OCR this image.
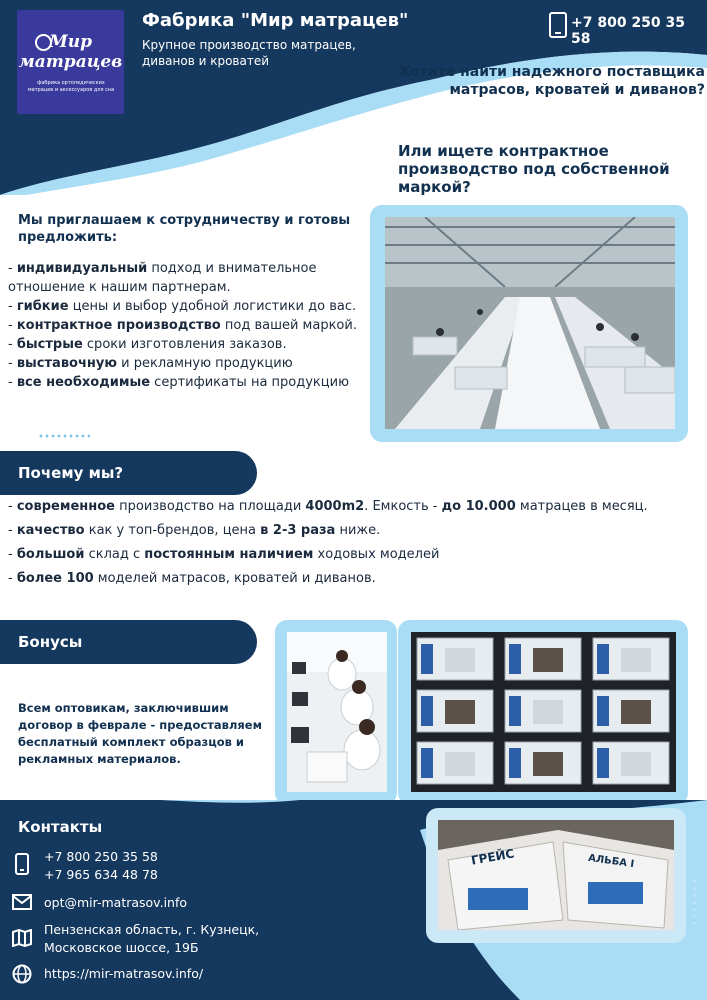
Мир
матрацев
фабрика ортопедических матрацев и аксессуаров для сна
Фабрика "Мир матрацев"
Крупное производство матрацев, диванов и кроватей
+7 800 250 35 58
Хотите найти надежного поставщика матрасов, кроватей и диванов?
Или ищете контрактное производство под собственной маркой?
Мы приглашаем к сотрудничеству и готовы предложить:
- индивидуальный подход и внимательное отношение к нашим партнерам.
- гибкие цены и выбор удобной логистики до вас.
- контрактное производство под вашей маркой.
- быстрые сроки изготовления заказов.
- выставочную и рекламную продукцию
- все необходимые сертификаты на продукцию
Почему мы?
- современное производство на площади 4000m2. Емкость - до 10.000 матрацев в месяц.
- качество как у топ-брендов, цена в 2-3 раза ниже.
- большой склад с постоянным наличием ходовых моделей
- более 100 моделей матрасов, кроватей и диванов.
Бонусы
Всем оптовикам, заключившим договор в феврале - предоставляем бесплатный комплект образцов и рекламных материалов.
ГРЕЙС	АЛЬБА I
Контакты
+7 800 250 35 58
+7 965 634 48 78
opt@mir-matrasov.info
Пензенская область, г. Кузнецк,
Московское шоссе, 19Б
https://mir-matrasov.info/
